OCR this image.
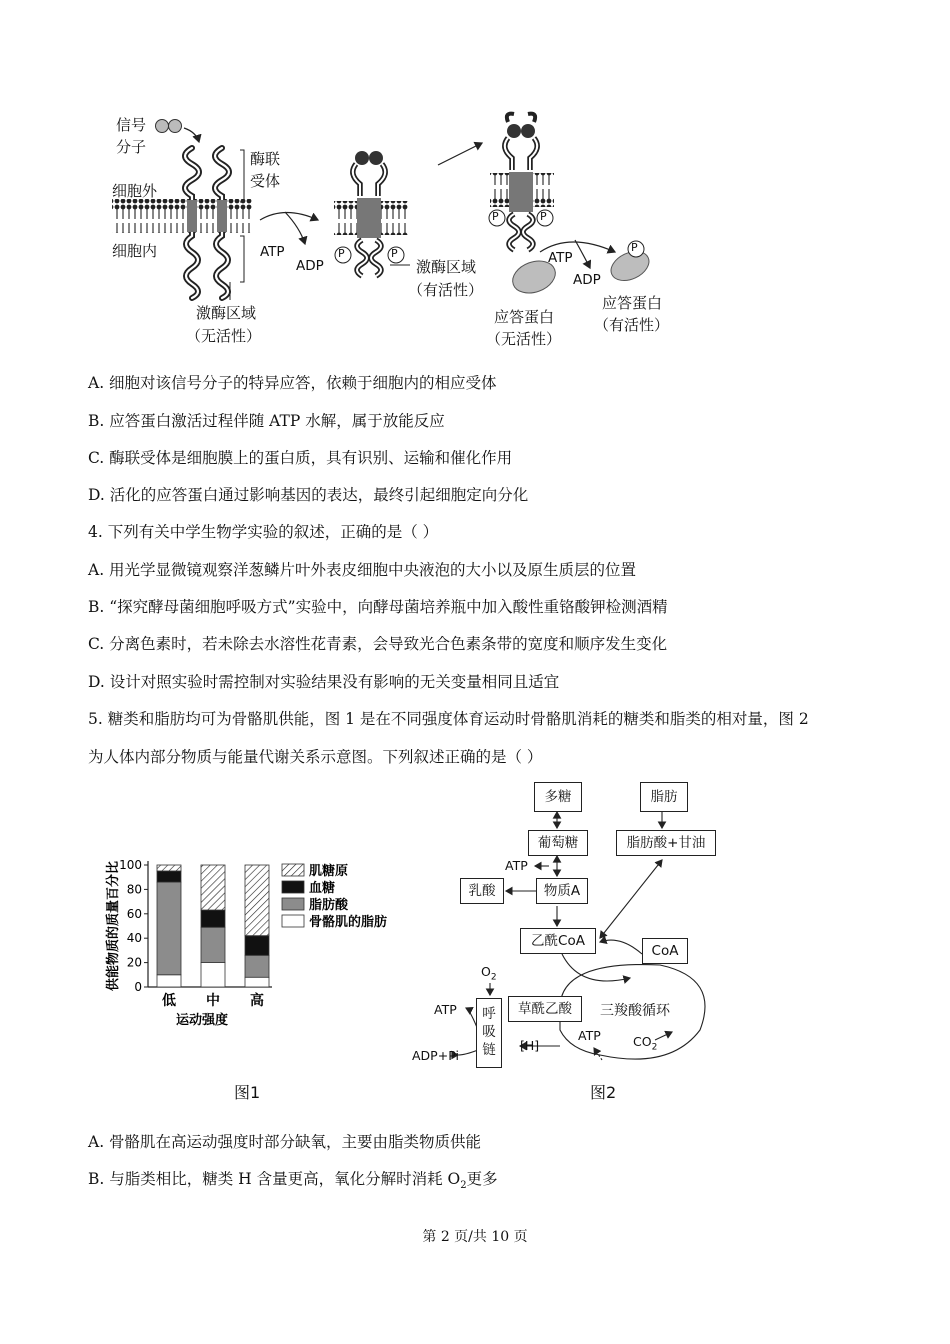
信号
分子
酶联
受体
细胞外
细胞内	ATP
ADP
P	P
P	P
P
激酶区域
（无活性）
激酶区域
（有活性）
ATP
ADP
应答蛋白
（无活性）
应答蛋白
（有活性）
A. 细胞对该信号分子的特异应答，依赖于细胞内的相应受体
B. 应答蛋白激活过程伴随 ATP 水解，属于放能反应
C. 酶联受体是细胞膜上的蛋白质，具有识别、运输和催化作用
D. 活化的应答蛋白通过影响基因的表达，最终引起细胞定向分化
4. 下列有关中学生物学实验的叙述，正确的是（ ）
A. 用光学显微镜观察洋葱鳞片叶外表皮细胞中央液泡的大小以及原生质层的位置
B. “探究酵母菌细胞呼吸方式”实验中，向酵母菌培养瓶中加入酸性重铬酸钾检测酒精
C. 分离色素时，若未除去水溶性花青素，会导致光合色素条带的宽度和顺序发生变化
D. 设计对照实验时需控制对实验结果没有影响的无关变量相同且适宜
5. 糖类和脂肪均可为骨骼肌供能，图 1 是在不同强度体育运动时骨骼肌消耗的糖类和脂类的相对量，图 2
为人体内部分物质与能量代谢关系示意图。下列叙述正确的是（ ）
0
20
40
60
80
100
供能物质的质量百分比
运动强度
低 中 高
肌糖原
血糖
脂肪酸
骨骼肌的脂肪
图1
多糖	脂肪
葡萄糖	脂肪酸+甘油
ATP
乳酸	物质A
乙酰CoA
CoA
$O_2$
草酰乙酸	三羧酸循环
呼
吸
链
ATP
[H]
ATP	$CO_2$
ADP+Pi
图2
A. 骨骼肌在高运动强度时部分缺氧，主要由脂类物质供能
B. 与脂类相比，糖类 H 含量更高，氧化分解时消耗 $O_2$更多
第 2 页/共 10 页
